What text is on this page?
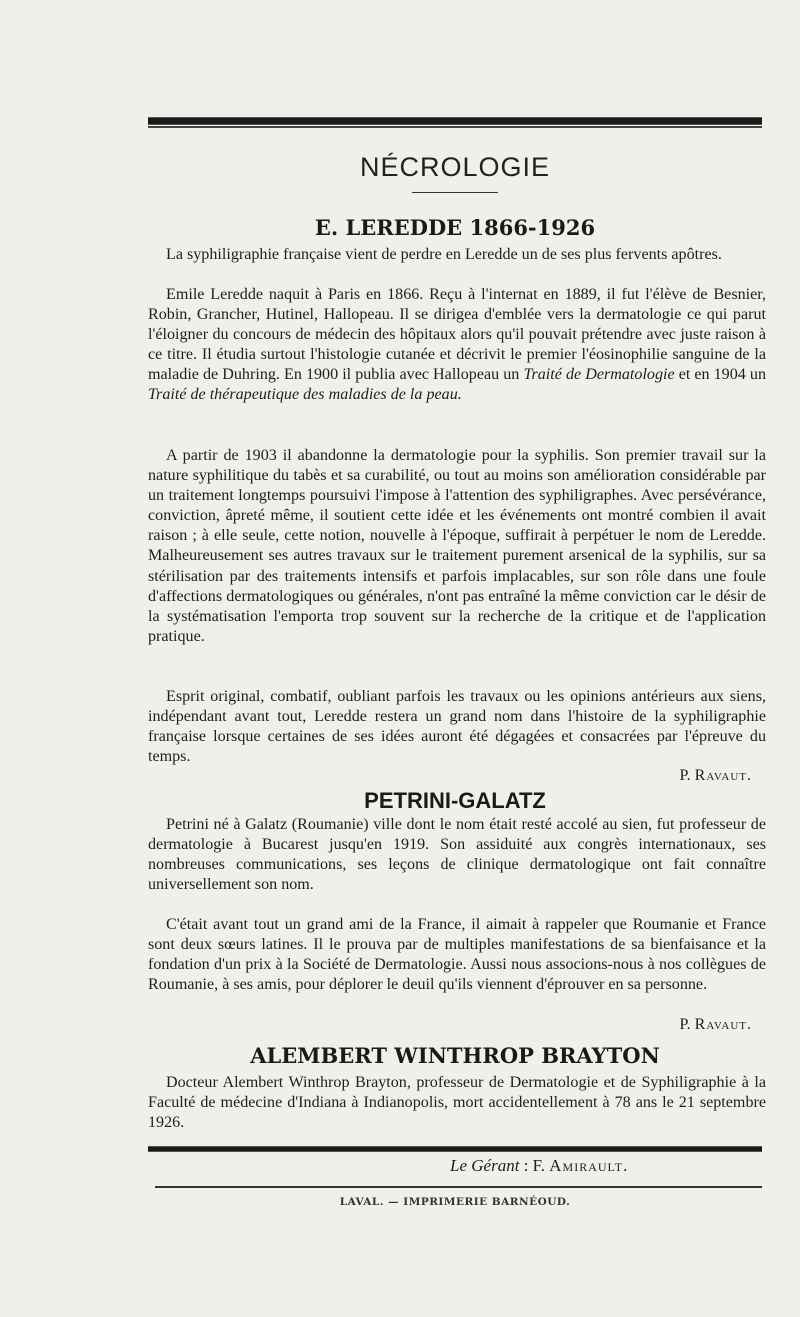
NÉCROLOGIE
E. LEREDDE 1866-1926
La syphiligraphie française vient de perdre en Leredde un de ses plus fervents apôtres.
Emile Leredde naquit à Paris en 1866. Reçu à l'internat en 1889, il fut l'élève de Besnier, Robin, Grancher, Hutinel, Hallopeau. Il se dirigea d'emblée vers la dermatologie ce qui parut l'éloigner du concours de médecin des hôpitaux alors qu'il pouvait prétendre avec juste raison à ce titre. Il étudia surtout l'histologie cutanée et décrivit le premier l'éosinophilie sanguine de la maladie de Duhring. En 1900 il publia avec Hallopeau un Traité de Dermatologie et en 1904 un Traité de thérapeutique des maladies de la peau.
A partir de 1903 il abandonne la dermatologie pour la syphilis. Son premier travail sur la nature syphilitique du tabès et sa curabilité, ou tout au moins son amélioration considérable par un traitement longtemps poursuivi l'impose à l'attention des syphiligraphes. Avec persévérance, conviction, âpreté même, il soutient cette idée et les événements ont montré combien il avait raison ; à elle seule, cette notion, nouvelle à l'époque, suffirait à perpétuer le nom de Leredde. Malheureusement ses autres travaux sur le traitement purement arsenical de la syphilis, sur sa stérilisation par des traitements intensifs et parfois implacables, sur son rôle dans une foule d'affections dermatologiques ou générales, n'ont pas entraîné la même conviction car le désir de la systématisation l'emporta trop souvent sur la recherche de la critique et de l'application pratique.
Esprit original, combatif, oubliant parfois les travaux ou les opinions antérieurs aux siens, indépendant avant tout, Leredde restera un grand nom dans l'histoire de la syphiligraphie française lorsque certaines de ses idées auront été dégagées et consacrées par l'épreuve du temps.
P. Ravaut.
PETRINI-GALATZ
Petrini né à Galatz (Roumanie) ville dont le nom était resté accolé au sien, fut professeur de dermatologie à Bucarest jusqu'en 1919. Son assiduité aux congrès internationaux, ses nombreuses communications, ses leçons de clinique dermatologique ont fait connaître universellement son nom.
C'était avant tout un grand ami de la France, il aimait à rappeler que Roumanie et France sont deux sœurs latines. Il le prouva par de multiples manifestations de sa bienfaisance et la fondation d'un prix à la Société de Dermatologie. Aussi nous associons-nous à nos collègues de Roumanie, à ses amis, pour déplorer le deuil qu'ils viennent d'éprouver en sa personne.
P. Ravaut.
ALEMBERT WINTHROP BRAYTON
Docteur Alembert Winthrop Brayton, professeur de Dermatologie et de Syphiligraphie à la Faculté de médecine d'Indiana à Indianopolis, mort accidentellement à 78 ans le 21 septembre 1926.
Le Gérant : F. Amirault.
LAVAL. — IMPRIMERIE BARNÉOUD.
